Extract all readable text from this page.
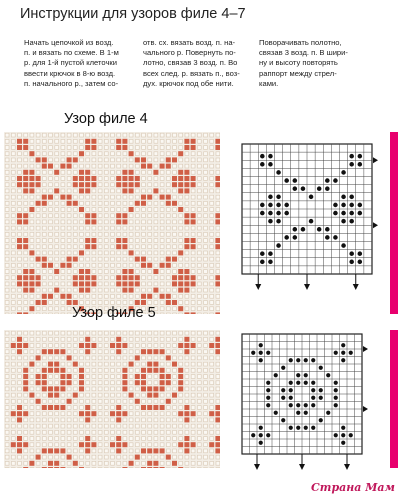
Инструкции для узоров филе 4–7
Начать цепочкой из возд.
п. и вязать по схеме. В 1-м
р. для 1-й пустой клеточки
ввести крючок в 8-ю возд.
п. начального р., затем со-
отв. сх. вязать возд. п. на-
чального р. Повернуть по-
лотно, связав 3 возд. п. Во
всех след. р. вязать п., воз-
дух. крючок под обе нити.
Поворачивать полотно,
связав 3 возд. п. В шири-
ну и высоту повторять
раппорт между стрел-
ками.
Узор филе 4
Узор филе 5
Страна Мам
